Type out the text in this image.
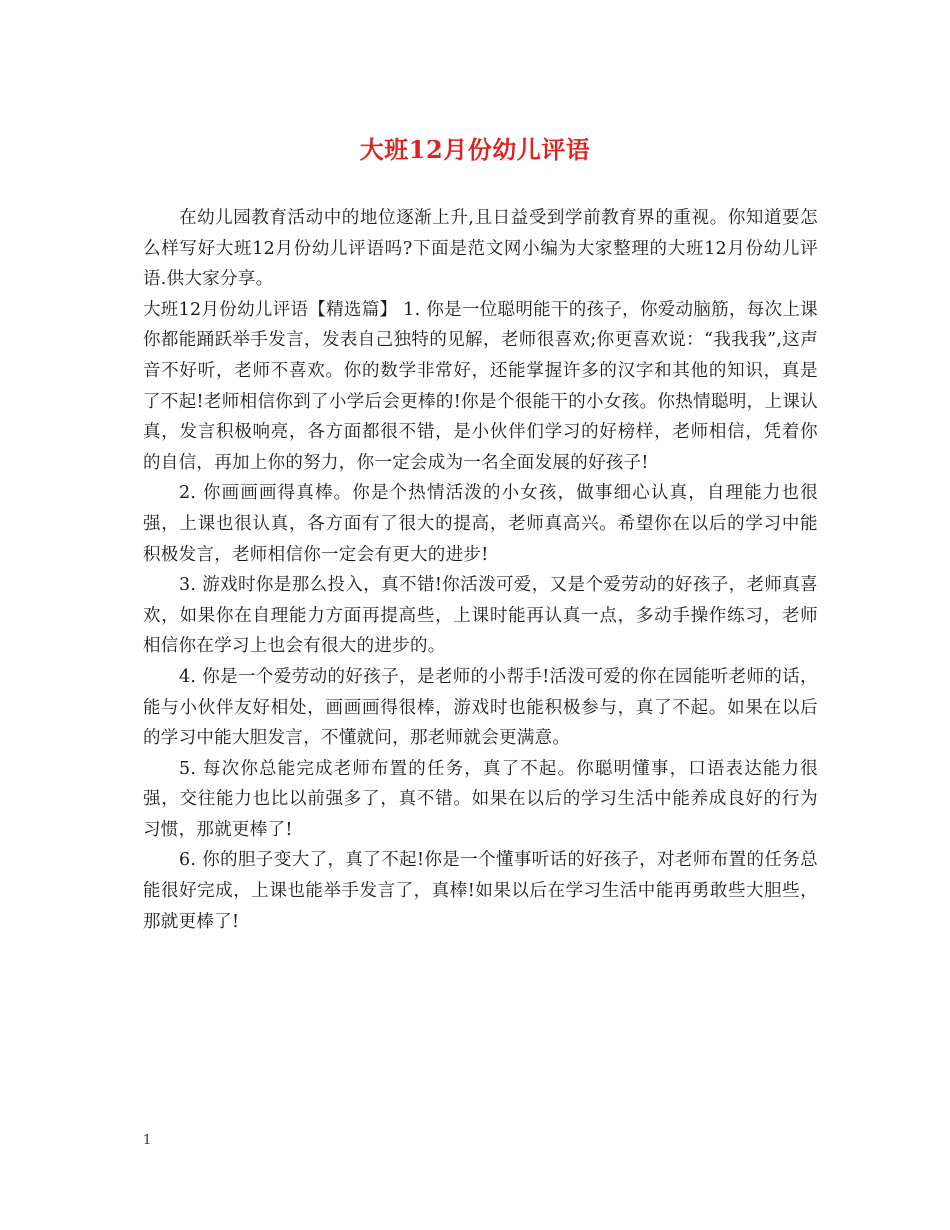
大班12月份幼儿评语

在幼儿园教育活动中的地位逐渐上升,且日益受到学前教育界的重视。你知道要怎么样写好大班12月份幼儿评语吗?下面是范文网小编为大家整理的大班12月份幼儿评语.供大家分享。

大班12月份幼儿评语【精选篇】 1. 你是一位聪明能干的孩子，你爱动脑筋，每次上课你都能踊跃举手发言，发表自己独特的见解，老师很喜欢;你更喜欢说：“我我我”,这声音不好听，老师不喜欢。你的数学非常好，还能掌握许多的汉字和其他的知识，真是了不起!老师相信你到了小学后会更棒的!你是个很能干的小女孩。你热情聪明，上课认真，发言积极响亮，各方面都很不错，是小伙伴们学习的好榜样，老师相信，凭着你的自信，再加上你的努力，你一定会成为一名全面发展的好孩子!

2. 你画画画得真棒。你是个热情活泼的小女孩，做事细心认真，自理能力也很强，上课也很认真，各方面有了很大的提高，老师真高兴。希望你在以后的学习中能积极发言，老师相信你一定会有更大的进步!

3. 游戏时你是那么投入，真不错!你活泼可爱，又是个爱劳动的好孩子，老师真喜欢，如果你在自理能力方面再提高些，上课时能再认真一点，多动手操作练习，老师相信你在学习上也会有很大的进步的。

4. 你是一个爱劳动的好孩子，是老师的小帮手!活泼可爱的你在园能听老师的话，能与小伙伴友好相处，画画画得很棒，游戏时也能积极参与，真了不起。如果在以后的学习中能大胆发言，不懂就问，那老师就会更满意。

5. 每次你总能完成老师布置的任务，真了不起。你聪明懂事，口语表达能力很强，交往能力也比以前强多了，真不错。如果在以后的学习生活中能养成良好的行为习惯，那就更棒了!

6. 你的胆子变大了，真了不起!你是一个懂事听话的好孩子，对老师布置的任务总能很好完成，上课也能举手发言了，真棒!如果以后在学习生活中能再勇敢些大胆些，那就更棒了!

1
